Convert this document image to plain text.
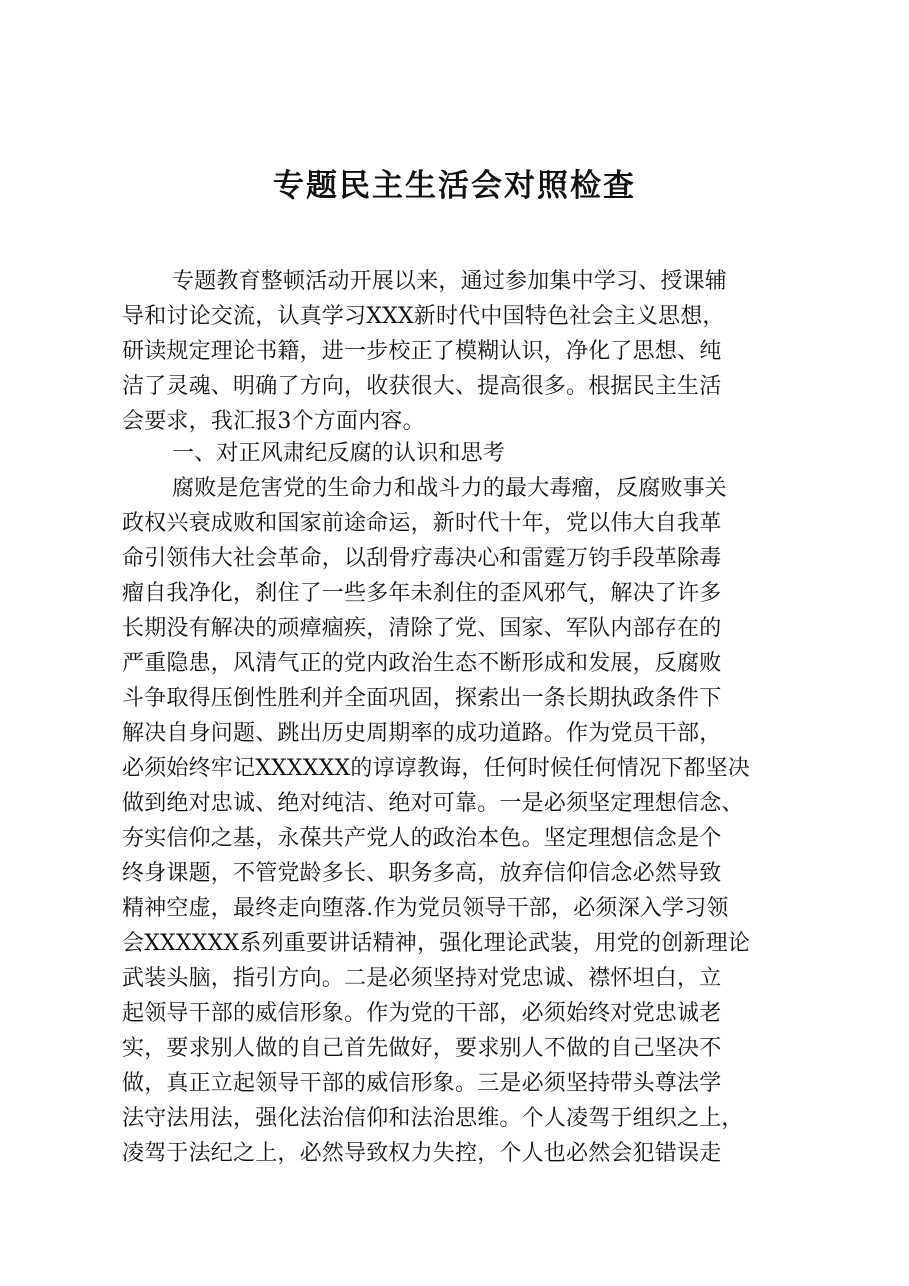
专题民主生活会对照检查
专题教育整顿活动开展以来，通过参加集中学习、授课辅
导和讨论交流，认真学习XXX新时代中国特色社会主义思想，
研读规定理论书籍，进一步校正了模糊认识，净化了思想、纯
洁了灵魂、明确了方向，收获很大、提高很多。根据民主生活
会要求，我汇报3个方面内容。
一、对正风肃纪反腐的认识和思考
腐败是危害党的生命力和战斗力的最大毒瘤，反腐败事关
政权兴衰成败和国家前途命运，新时代十年，党以伟大自我革
命引领伟大社会革命，以刮骨疗毒决心和雷霆万钧手段革除毒
瘤自我净化，刹住了一些多年未刹住的歪风邪气，解决了许多
长期没有解决的顽瘴痼疾，清除了党、国家、军队内部存在的
严重隐患，风清气正的党内政治生态不断形成和发展，反腐败
斗争取得压倒性胜利并全面巩固，探索出一条长期执政条件下
解决自身问题、跳出历史周期率的成功道路。作为党员干部，
必须始终牢记XXXXXX的谆谆教诲，任何时候任何情况下都坚决
做到绝对忠诚、绝对纯洁、绝对可靠。一是必须坚定理想信念、
夯实信仰之基，永葆共产党人的政治本色。坚定理想信念是个
终身课题，不管党龄多长、职务多高，放弃信仰信念必然导致
精神空虚，最终走向堕落.作为党员领导干部，必须深入学习领
会XXXXXX系列重要讲话精神，强化理论武装，用党的创新理论
武装头脑，指引方向。二是必须坚持对党忠诚、襟怀坦白，立
起领导干部的威信形象。作为党的干部，必须始终对党忠诚老
实，要求别人做的自己首先做好，要求别人不做的自己坚决不
做，真正立起领导干部的威信形象。三是必须坚持带头尊法学
法守法用法，强化法治信仰和法治思维。个人凌驾于组织之上，
凌驾于法纪之上，必然导致权力失控，个人也必然会犯错误走
